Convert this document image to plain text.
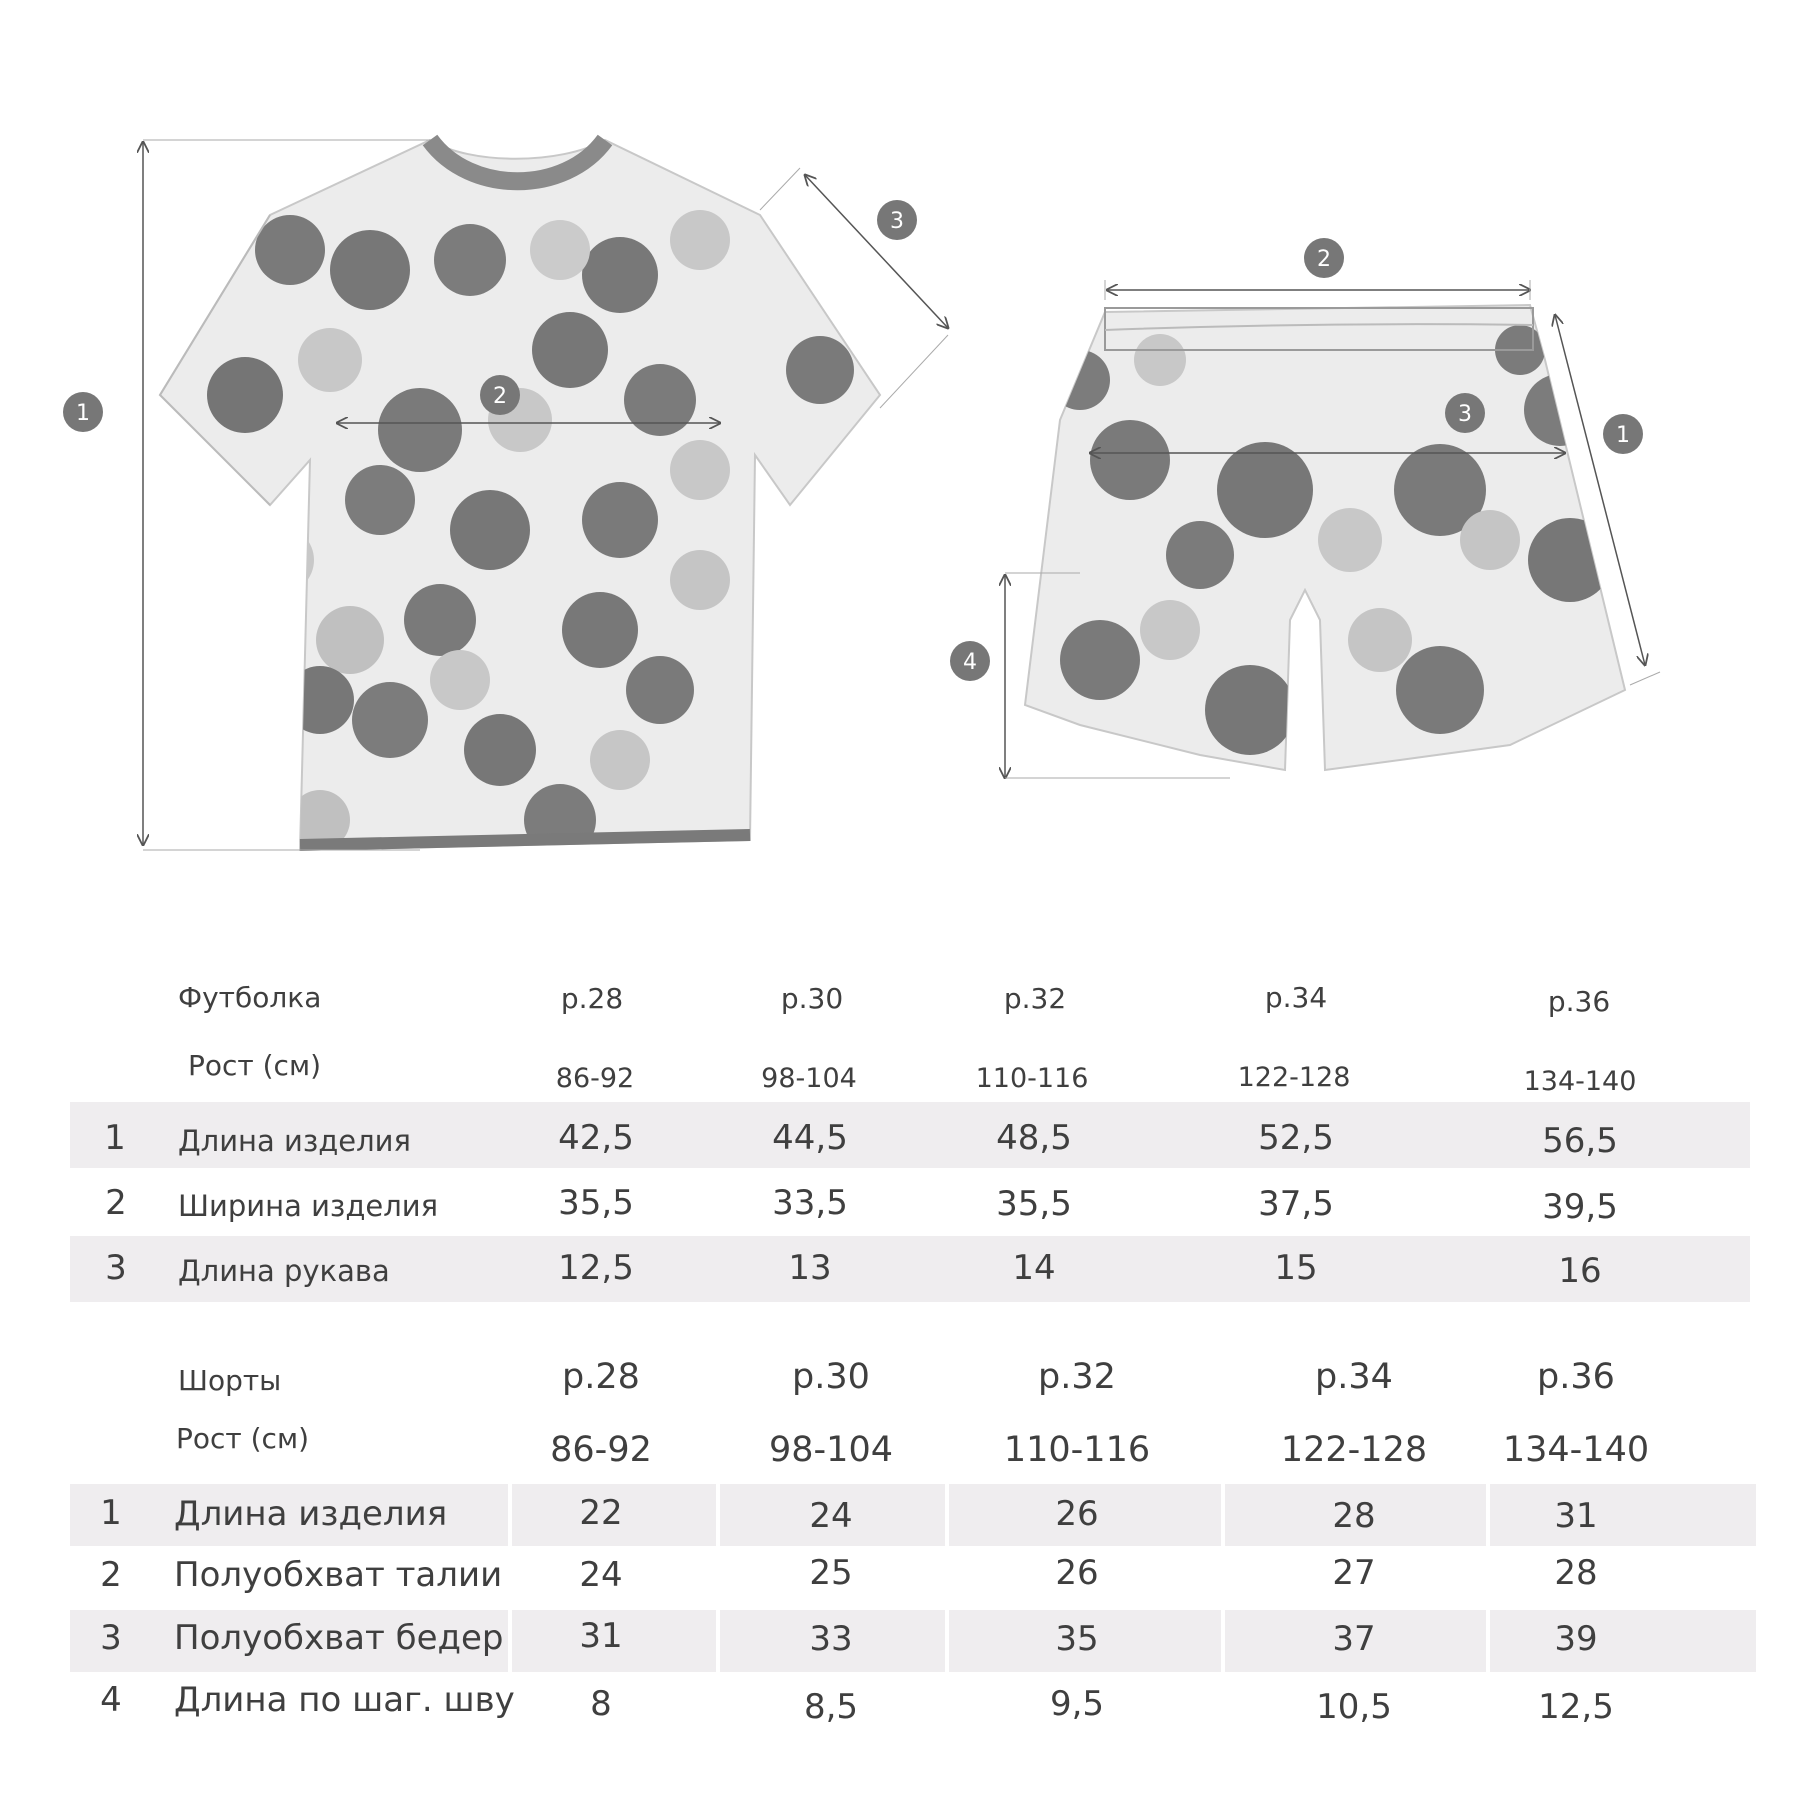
1
2
3
2
3
1
4
Футболка
Рост (см)
р.28	р.30	р.32	р.34	р.36
86-92	98-104	110-116	122-128	134-140
1 Длина изделия	42,5	44,5	48,5	52,5	56,5
2 Ширина изделия	35,5	33,5	35,5	37,5	39,5
3 Длина рукава	12,5	13	14	15	16
Шорты
Рост (см)
р.28	р.30	р.32	р.34	р.36
86-92	98-104	110-116	122-128 134-140
1 Длина изделия	22	24	26	28	31
2 Полуобхват талии 24	25	26	27	28
3 Полуобхват бедер 31	33	35	37	39
4 Длина по шаг. шву 8	8,5	9,5	10,5	12,5
